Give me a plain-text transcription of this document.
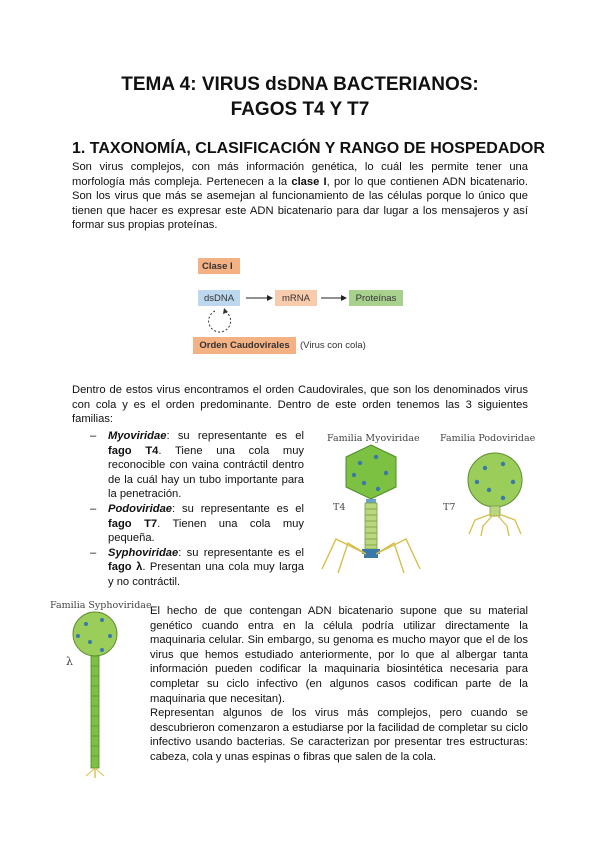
TEMA 4: VIRUS dsDNA BACTERIANOS:
FAGOS T4 Y T7
1. TAXONOMÍA, CLASIFICACIÓN Y RANGO DE HOSPEDADOR
Son virus complejos, con más información genética, lo cuál les permite tener una morfología más compleja. Pertenecen a la clase I, por lo que contienen ADN bicatenario. Son los virus que más se asemejan al funcionamiento de las células porque lo único que tienen que hacer es expresar este ADN bicatenario para dar lugar a los mensajeros y así formar sus propias proteínas.
Clase I
dsDNA	mRNA	Proteínas
Orden Caudovirales	(Virus con cola)
Dentro de estos virus encontramos el orden Caudovirales, que son los denominados virus con cola y es el orden predominante. Dentro de este orden tenemos las 3 siguientes familias:
– Myoviridae: su representante es el fago T4. Tiene una cola muy reconocible con vaina contráctil dentro de la cuál hay un tubo importante para la penetración.
– Podoviridae: su representante es el fago T7. Tienen una cola muy pequeña.
– Syphoviridae: su representante es el fago λ. Presentan una cola muy larga y no contráctil.
Familia Myoviridae Familia Podoviridae
T4	T7
Familia Syphoviridae
λ
El hecho de que contengan ADN bicatenario supone que su material genético cuando entra en la célula podría utilizar directamente la maquinaria celular. Sin embargo, su genoma es mucho mayor que el de los virus que hemos estudiado anteriormente, por lo que al albergar tanta información pueden codificar la maquinaria biosintética necesaria para completar su ciclo infectivo (en algunos casos codifican parte de la maquinaria que necesitan).
Representan algunos de los virus más complejos, pero cuando se descubrieron comenzaron a estudiarse por la facilidad de completar su ciclo infectivo usando bacterias. Se caracterizan por presentar tres estructuras: cabeza, cola y unas espinas o fibras que salen de la cola.
